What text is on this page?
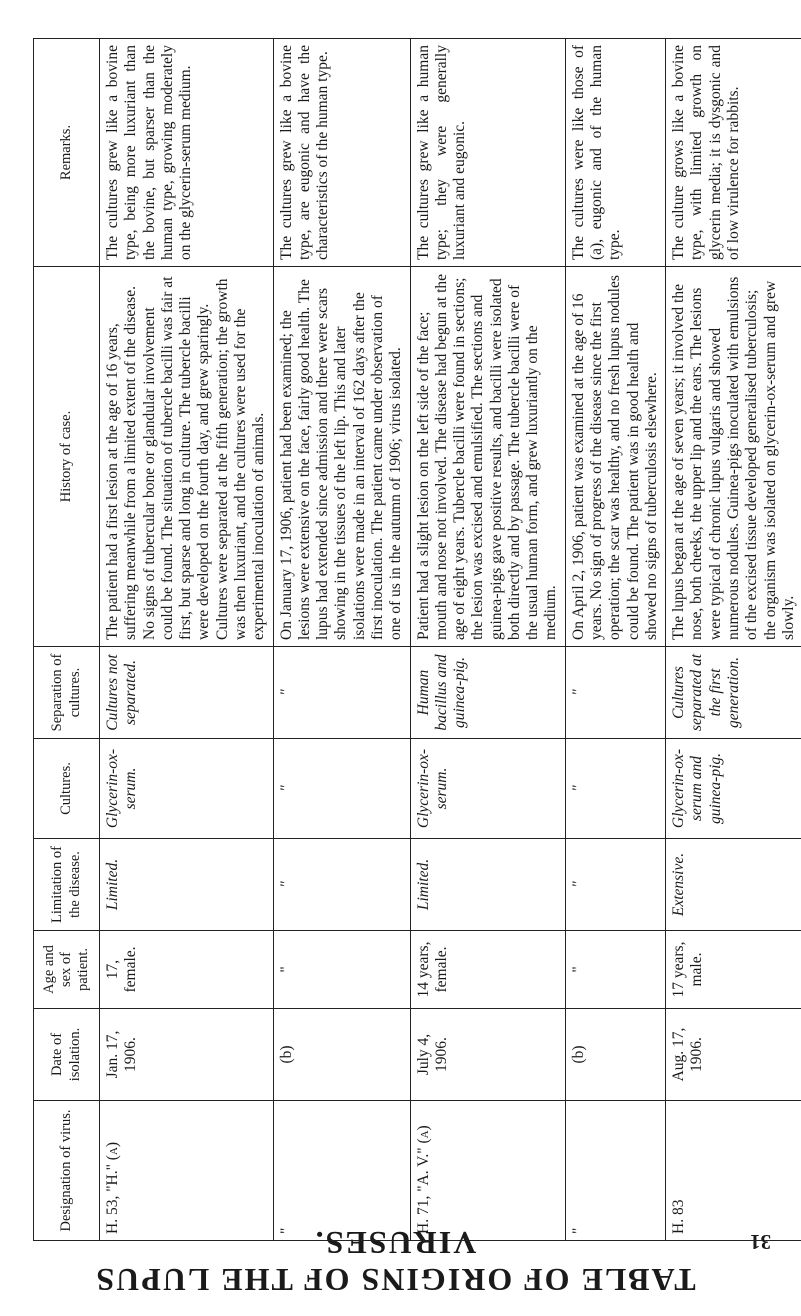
31
TABLE OF ORIGINS OF THE LUPUS VIRUSES.
Designation of virus.	Date of isolation.	Age and sex of patient.	Limitation of the disease.	Cultures.	Separation of cultures.	History of case.	Remarks.
H. 53, "H." (a)	Jan. 17, 1906.	17, female.	Limited.	Glycerin-ox-serum.	Cultures not separated.	The patient had a first lesion at the age of 16 years, suffering meanwhile from a limited extent of the disease. No signs of tubercular bone or glandular involvement could be found. The situation of tubercle bacilli was fair at first, but sparse and long in culture. The tubercle bacilli were developed on the fourth day, and grew sparingly. Cultures were separated at the fifth generation; the growth was then luxuriant, and the cultures were used for the experimental inoculation of animals.	The cultures grew like a bovine type, being more luxuriant than the bovine, but sparser than the human type, growing moderately on the glycerin-serum medium.
"	(b)	"	"	"	"	On January 17, 1906, patient had been examined; the lesions were extensive on the face, fairly good health. The lupus had extended since admission and there were scars showing in the tissues of the left lip. This and later isolations were made in an interval of 162 days after the first inoculation. The patient came under observation of one of us in the autumn of 1906; virus isolated.	The cultures grew like a bovine type, are eugonic and have the characteristics of the human type.
H. 71, "A. V." (a)	July 4, 1906.	14 years, female.	Limited.	Glycerin-ox-serum.	Human bacillus and guinea-pig.	Patient had a slight lesion on the left side of the face; mouth and nose not involved. The disease had begun at the age of eight years. Tubercle bacilli were found in sections; the lesion was excised and emulsified. The sections and guinea-pigs gave positive results, and bacilli were isolated both directly and by passage. The tubercle bacilli were of the usual human form, and grew luxuriantly on the medium.	The cultures grew like a human type; they were generally luxuriant and eugonic.
"	(b)	"	"	"	"	On April 2, 1906, patient was examined at the age of 16 years. No sign of progress of the disease since the first operation; the scar was healthy, and no fresh lupus nodules could be found. The patient was in good health and showed no signs of tuberculosis elsewhere.	The cultures were like those of (a), eugonic and of the human type.
H. 83	Aug. 17, 1906.	17 years, male.	Extensive.	Glycerin-ox-serum and guinea-pig.	Cultures separated at the first generation.	The lupus began at the age of seven years; it involved the nose, both cheeks, the upper lip and the ears. The lesions were typical of chronic lupus vulgaris and showed numerous nodules. Guinea-pigs inoculated with emulsions of the excised tissue developed generalised tuberculosis; the organism was isolated on glycerin-ox-serum and grew slowly.	The culture grows like a bovine type, with limited growth on glycerin media; it is dysgonic and of low virulence for rabbits.
